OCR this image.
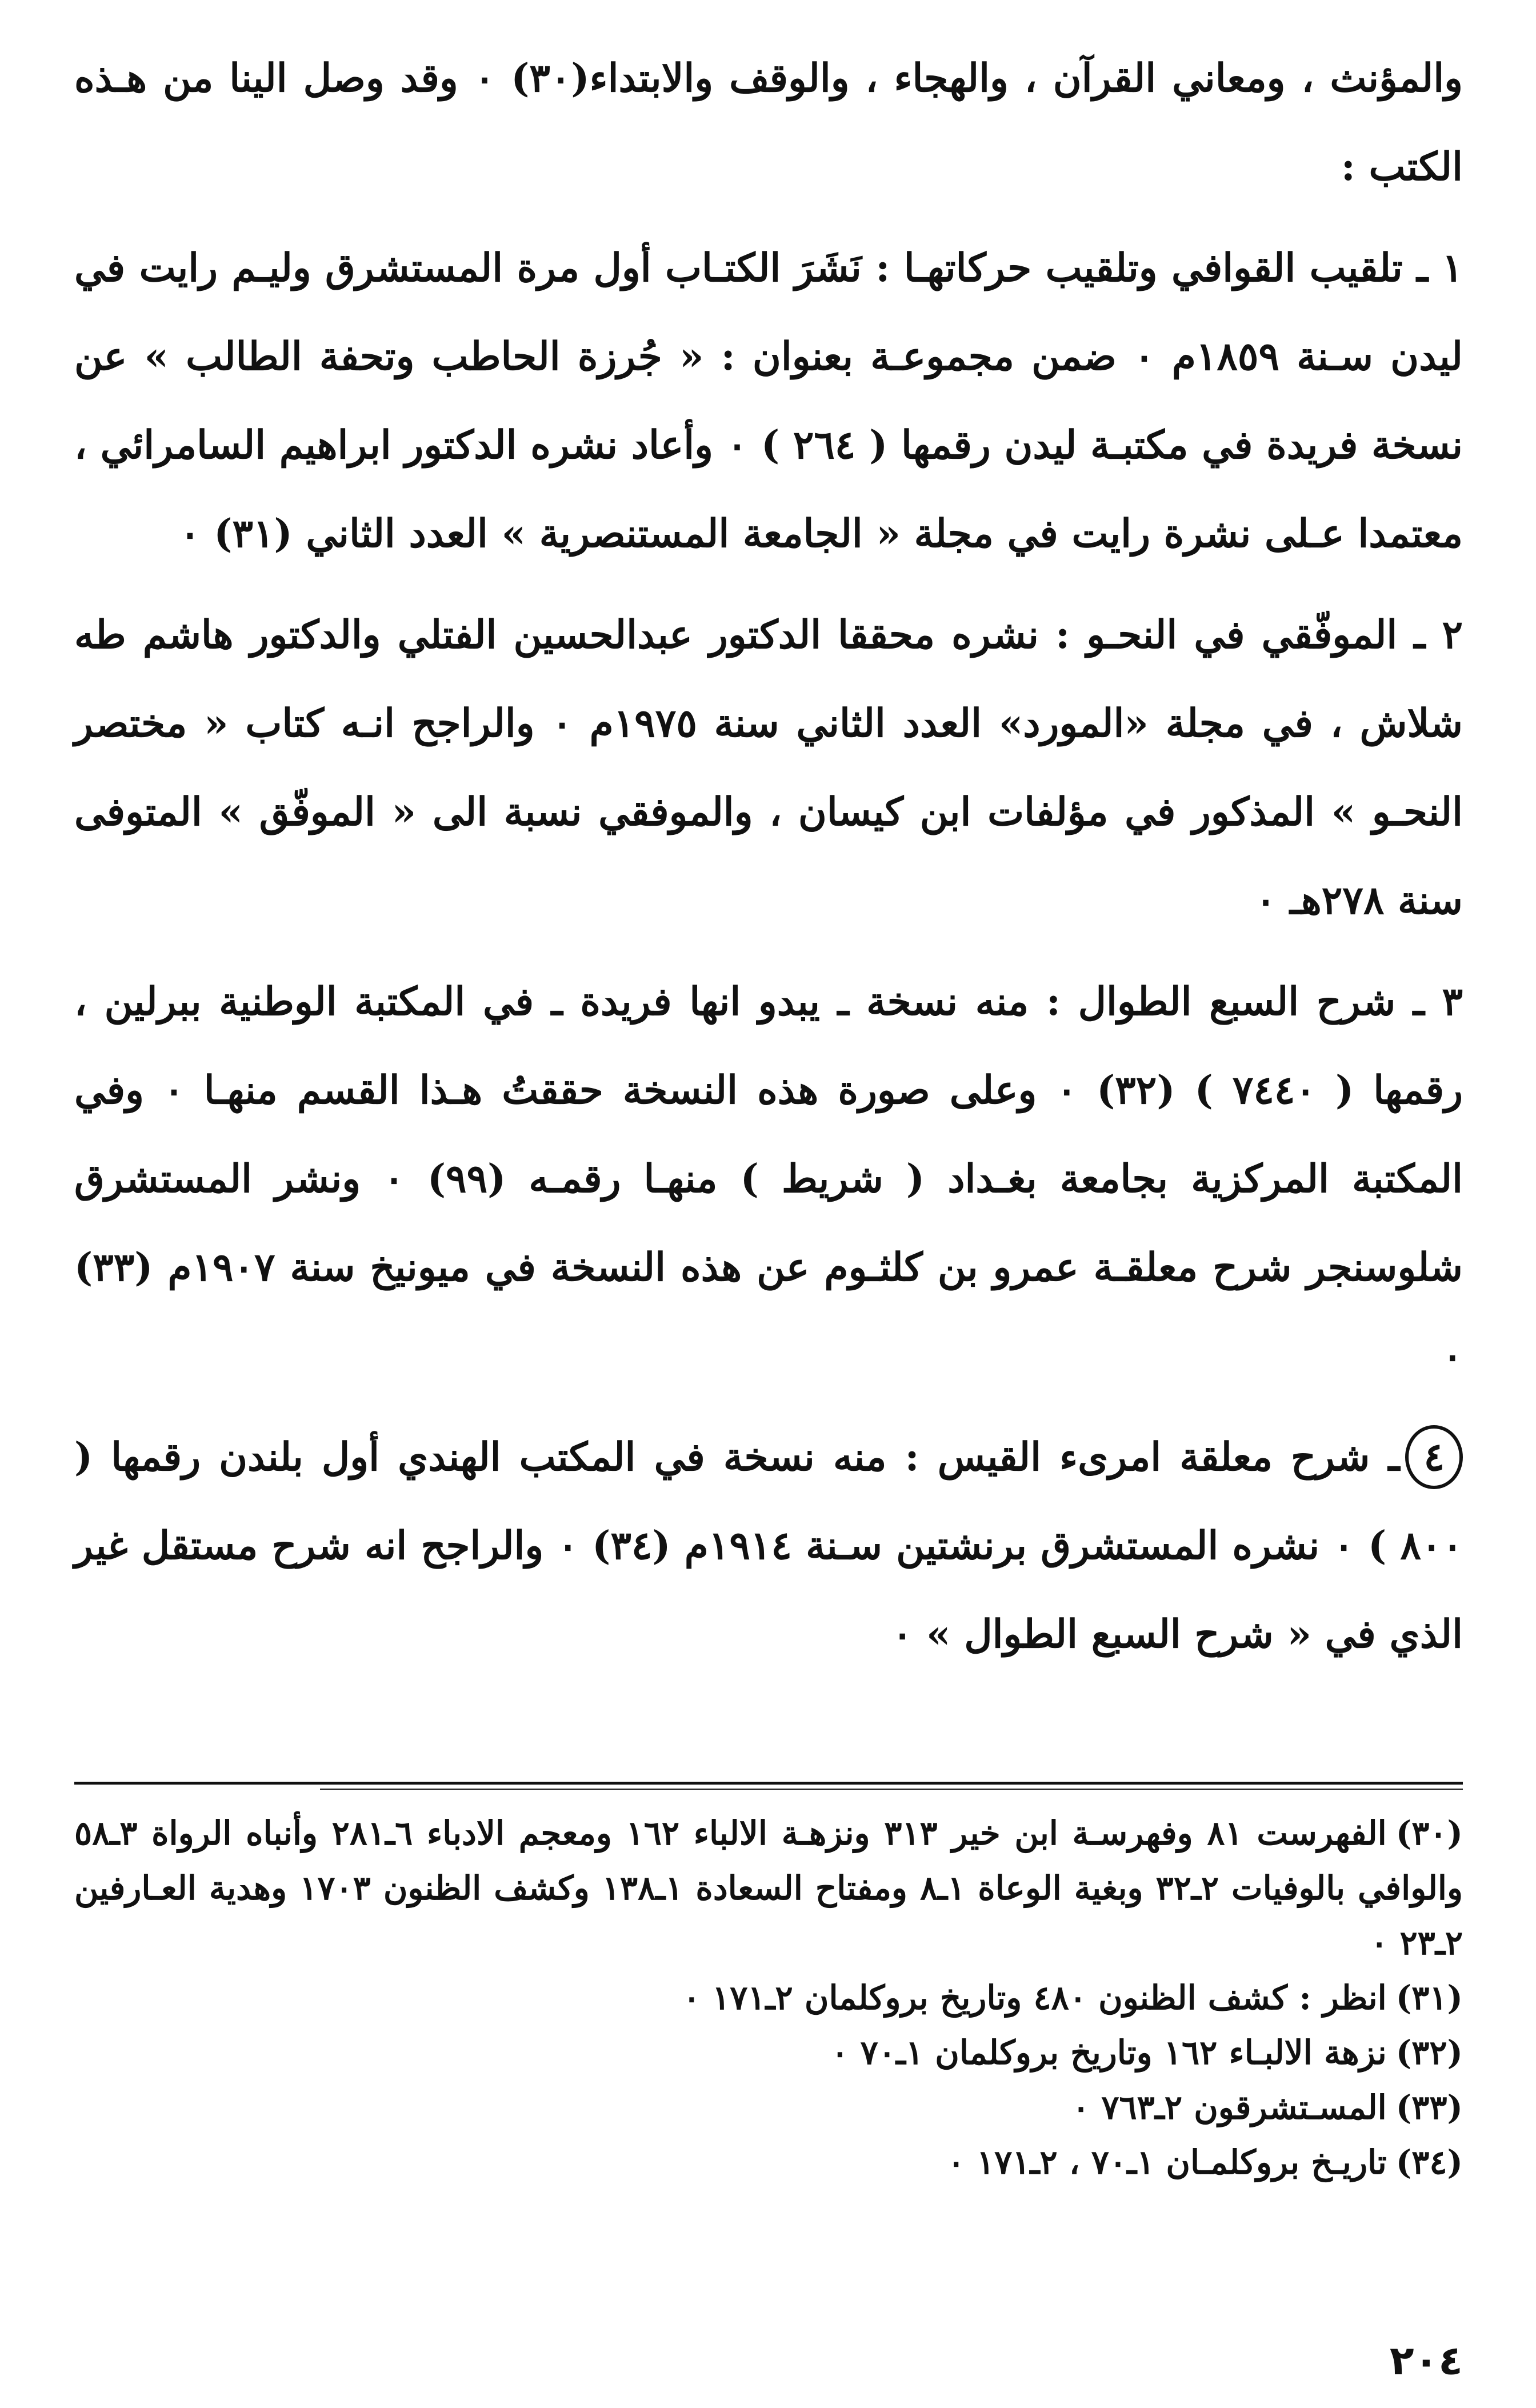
والمؤنث ، ومعاني القرآن ، والهجاء ، والوقف والابتداء(٣٠) ٠ وقد وصل الينا من هـذه الكتب :

١ ـ تلقيب القوافي وتلقيب حركاتهـا : نَشَرَ الكتـاب أول مرة المستشرق وليـم رايت في ليدن سـنة ١٨٥٩م ٠ ضمن مجموعـة بعنوان : « جُرزة الحاطب وتحفة الطالب » عن نسخة فريدة في مكتبـة ليدن رقمها ( ٢٦٤ ) ٠ وأعاد نشره الدكتور ابراهيم السامرائي ، معتمدا عـلى نشرة رايت في مجلة « الجامعة المستنصرية » العدد الثاني (٣١) ٠

٢ ـ الموفّقي في النحـو : نشره محققا الدكتور عبدالحسين الفتلي والدكتور هاشم طه شلاش ، في مجلة «المورد» العدد الثاني سنة ١٩٧٥م ٠ والراجح انـه كتاب « مختصر النحـو » المذكور في مؤلفات ابن كيسان ، والموفقي نسبة الى « الموفّق » المتوفى سنة ٢٧٨هـ ٠

٣ ـ شرح السبع الطوال : منه نسخة ـ يبدو انها فريدة ـ في المكتبة الوطنية ببرلين ، رقمها ( ٧٤٤٠ ) (٣٢) ٠ وعلى صورة هذه النسخة حققتُ هـذا القسم منهـا ٠ وفي المكتبة المركزية بجامعة بغـداد ( شريط ) منهـا رقمـه (٩٩) ٠ ونشر المستشرق شلوسنجر شرح معلقـة عمرو بن كلثـوم عن هذه النسخة في ميونيخ سنة ١٩٠٧م (٣٣) ٠

٤ـ شرح معلقة امرىء القيس : منه نسخة في المكتب الهندي أول بلندن رقمها ( ٨٠٠ ) ٠ نشره المستشرق برنشتين سـنة ١٩١٤م (٣٤) ٠ والراجح انه شرح مستقل غير الذي في « شرح السبع الطوال » ٠

(٣٠)الفهرست ٨١ وفهرسـة ابن خير ٣١٣ ونزهـة الالباء ١٦٢ ومعجم الادباء ٦ـ٢٨١ وأنباه الرواة ٣ـ٥٨ والوافي بالوفيات ٢ـ٣٢ وبغية الوعاة ١ـ٨ ومفتاح السعادة ١ـ١٣٨ وكشف الظنون ١٧٠٣ وهدية العـارفين ٢ـ٢٣ ٠

(٣١)انظر : كشف الظنون ٤٨٠ وتاريخ بروكلمان ٢ـ١٧١ ٠

(٣٢)نزهة الالبـاء ١٦٢ وتاريخ بروكلمان ١ـ٧٠ ٠

(٣٣)المسـتشرقون ٢ـ٧٦٣ ٠

(٣٤)تاريـخ بروكلمـان ١ـ٧٠ ، ٢ـ١٧١ ٠

٢٠٤
